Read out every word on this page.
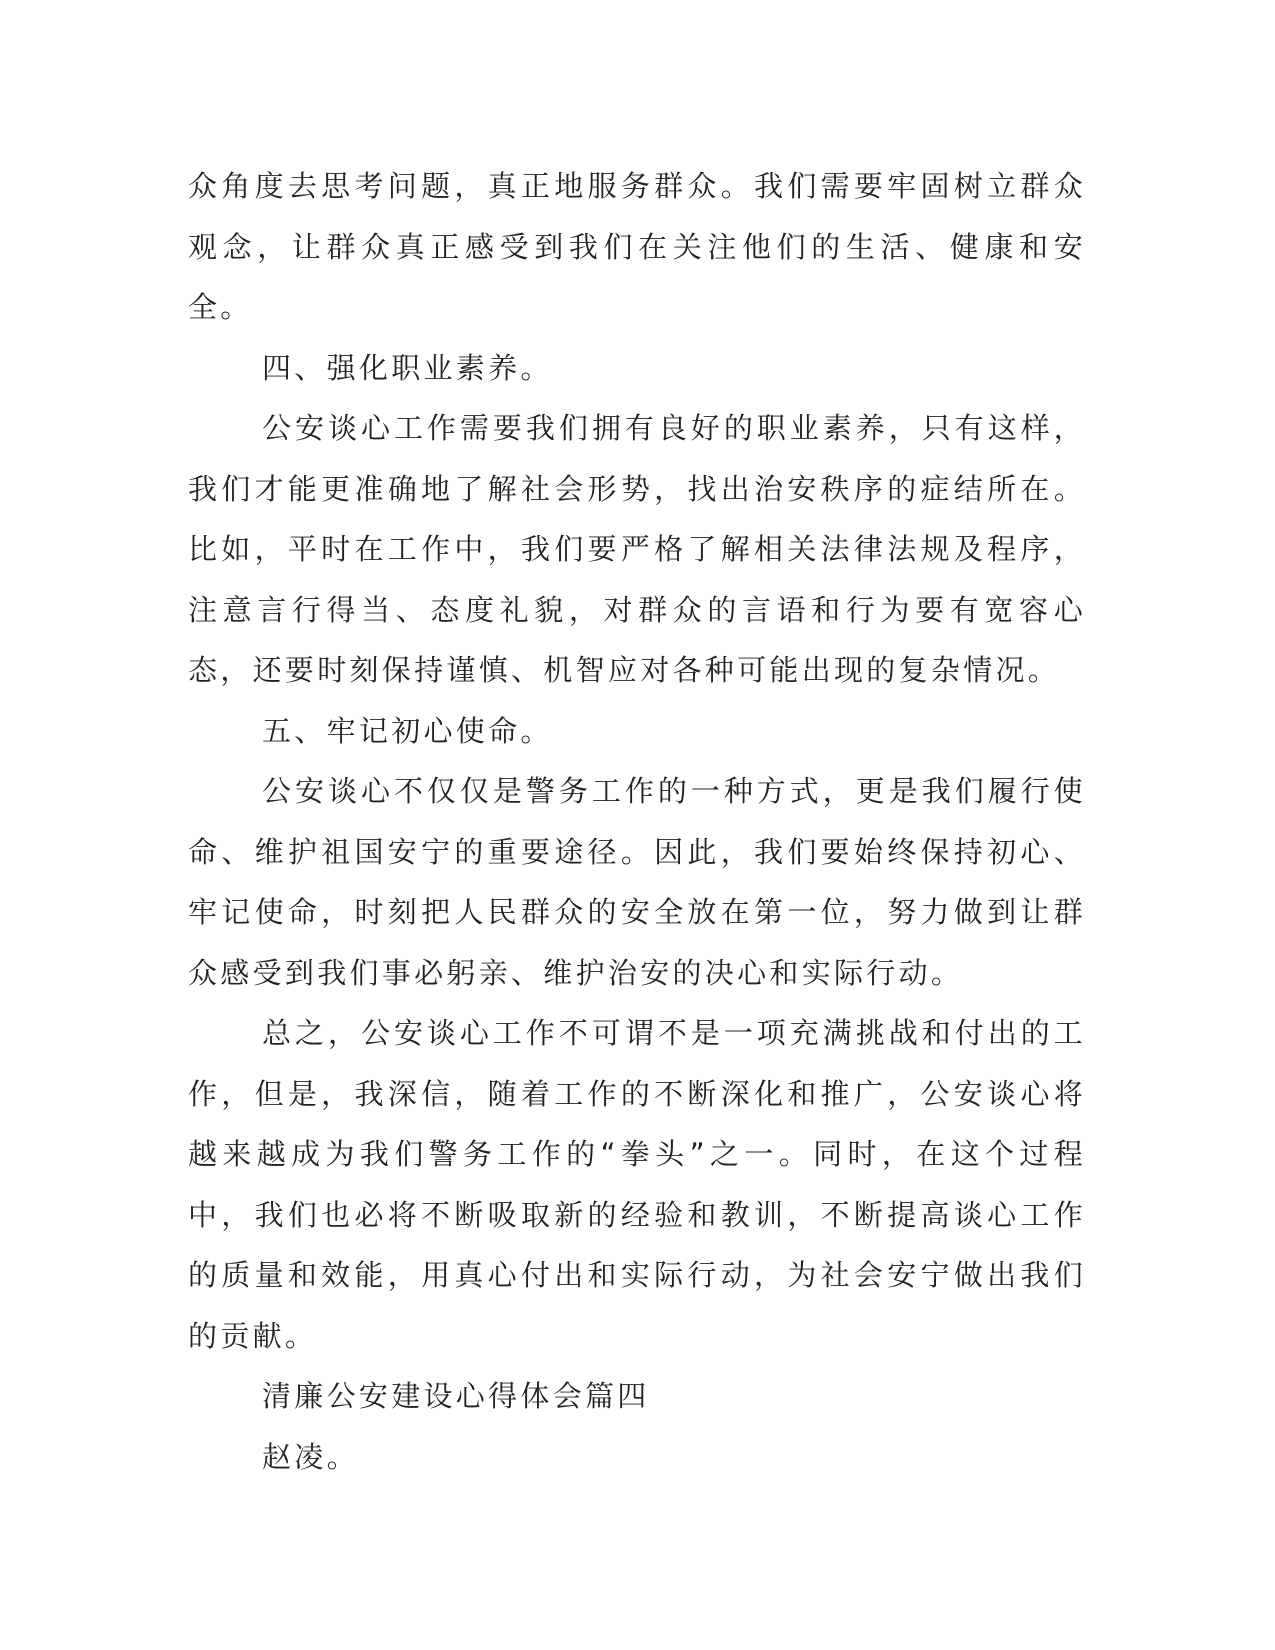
众角度去思考问题，真正地服务群众。我们需要牢固树立群众观念，让群众真正感受到我们在关注他们的生活、健康和安全。

四、强化职业素养。

公安谈心工作需要我们拥有良好的职业素养，只有这样，我们才能更准确地了解社会形势，找出治安秩序的症结所在。比如，平时在工作中，我们要严格了解相关法律法规及程序，注意言行得当、态度礼貌，对群众的言语和行为要有宽容心态，还要时刻保持谨慎、机智应对各种可能出现的复杂情况。

五、牢记初心使命。

公安谈心不仅仅是警务工作的一种方式，更是我们履行使命、维护祖国安宁的重要途径。因此，我们要始终保持初心、牢记使命，时刻把人民群众的安全放在第一位，努力做到让群众感受到我们事必躬亲、维护治安的决心和实际行动。

总之，公安谈心工作不可谓不是一项充满挑战和付出的工作，但是，我深信，随着工作的不断深化和推广，公安谈心将越来越成为我们警务工作的“拳头”之一。同时，在这个过程中，我们也必将不断吸取新的经验和教训，不断提高谈心工作的质量和效能，用真心付出和实际行动，为社会安宁做出我们的贡献。

清廉公安建设心得体会篇四

赵凌。
